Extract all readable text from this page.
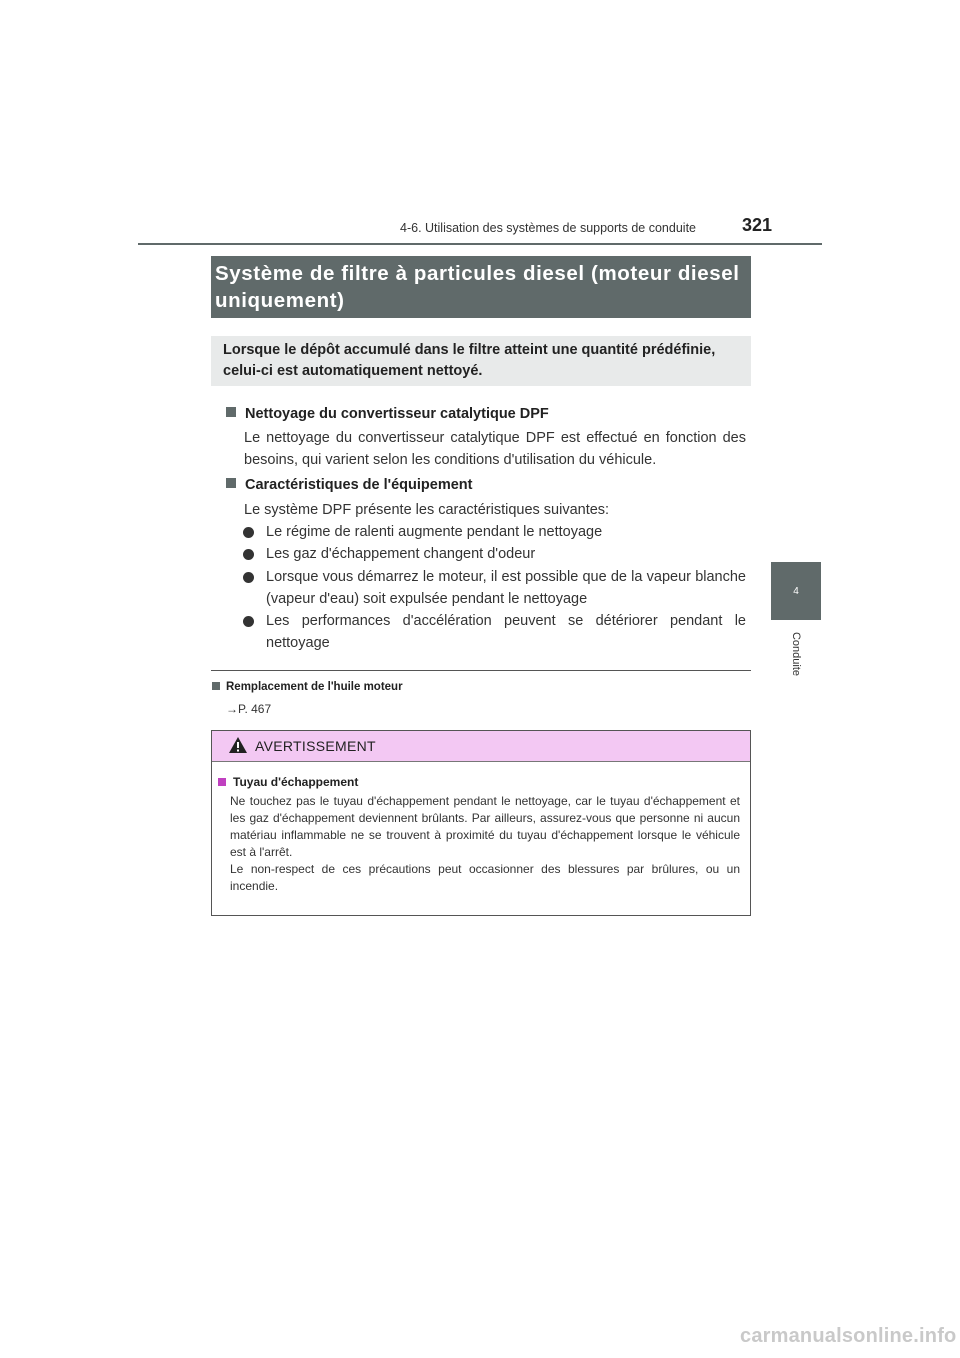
4-6. Utilisation des systèmes de supports de conduite	321
4
Conduite
Système de filtre à particules diesel (moteur diesel uniquement)
Lorsque le dépôt accumulé dans le filtre atteint une quantité prédéfinie, celui-ci est automatiquement nettoyé.
Nettoyage du convertisseur catalytique DPF
Le nettoyage du convertisseur catalytique DPF est effectué en fonction des besoins, qui varient selon les conditions d'utilisation du véhicule.
Caractéristiques de l'équipement
Le système DPF présente les caractéristiques suivantes:
Le régime de ralenti augmente pendant le nettoyage
Les gaz d'échappement changent d'odeur
Lorsque vous démarrez le moteur, il est possible que de la vapeur blanche (vapeur d'eau) soit expulsée pendant le nettoyage
Les performances d'accélération peuvent se détériorer pendant le nettoyage
Remplacement de l'huile moteur
→P. 467
AVERTISSEMENT
Tuyau d'échappement
Ne touchez pas le tuyau d'échappement pendant le nettoyage, car le tuyau d'échappement et les gaz d'échappement deviennent brûlants. Par ailleurs, assurez-vous que personne ni aucun matériau inflammable ne se trouvent à proximité du tuyau d'échappement lorsque le véhicule est à l'arrêt.
Le non-respect de ces précautions peut occasionner des blessures par brûlures, ou un incendie.
carmanualsonline.info
